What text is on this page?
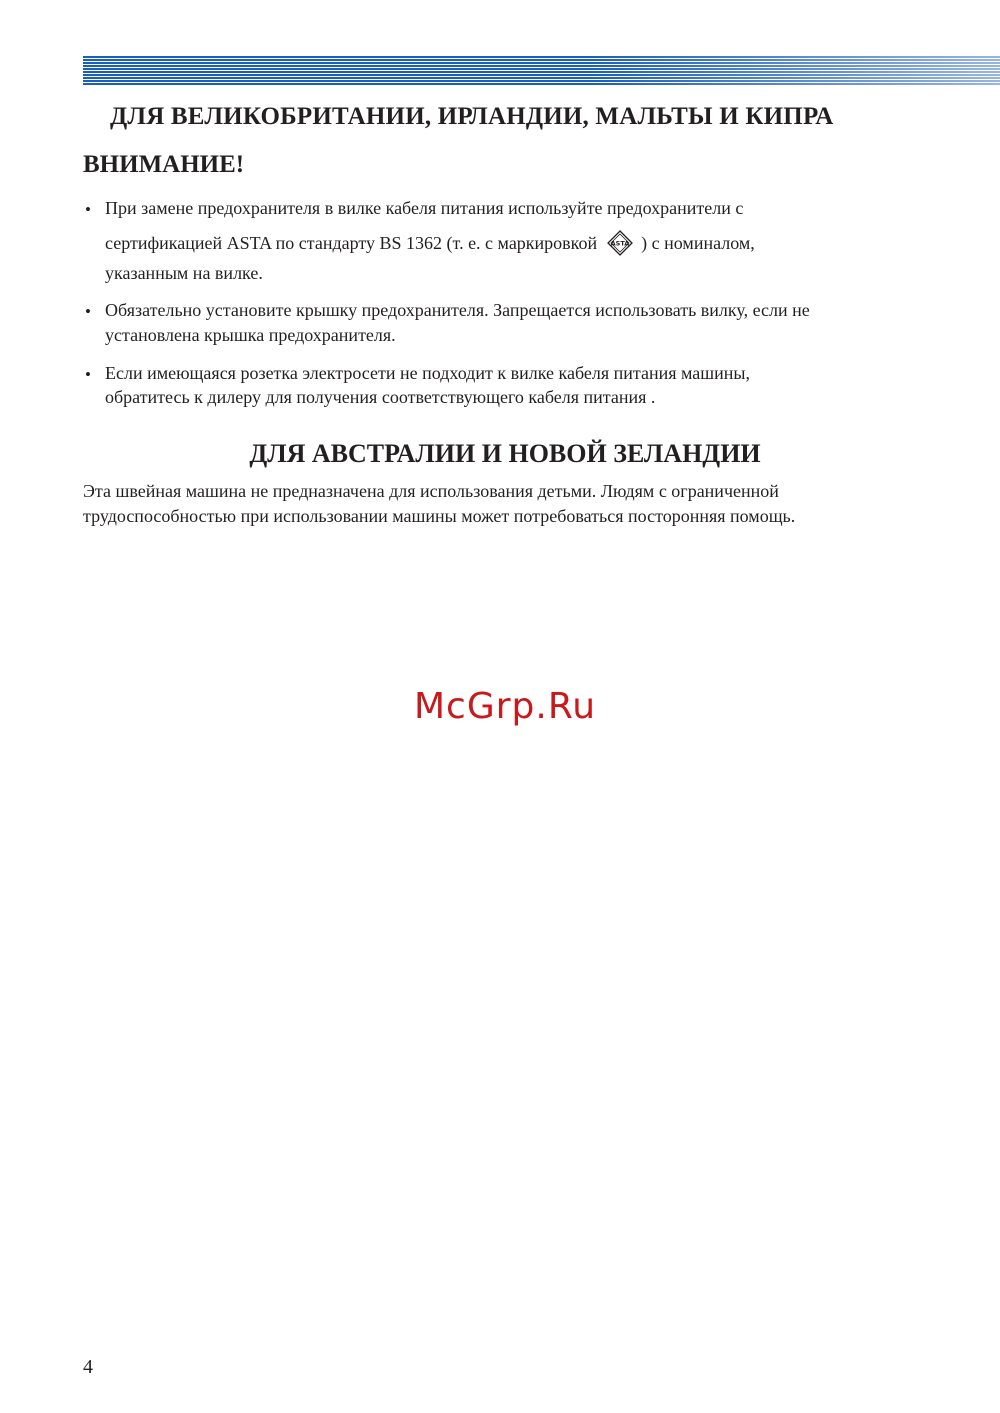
ДЛЯ ВЕЛИКОБРИТАНИИ, ИРЛАНДИИ, МАЛЬТЫ И КИПРА
ВНИМАНИЕ!
• При замене предохранителя в вилке кабеля питания используйте предохранители с

сертификацией ASTA по стандарту BS 1362 (т. е. с маркировкой ASTA ) с номиналом,

указанным на вилке.

• Обязательно установите крышку предохранителя. Запрещается использовать вилку, если не

установлена крышка предохранителя.

• Если имеющаяся розетка электросети не подходит к вилке кабеля питания машины,

обратитесь к дилеру для получения соответствующего кабеля питания .

ДЛЯ АВСТРАЛИИ И НОВОЙ ЗЕЛАНДИИ

Эта швейная машина не предназначена для использования детьми. Людям с ограниченной

трудоспособностью при использовании машины может потребоваться посторонняя помощь.

McGrp.Ru
4
